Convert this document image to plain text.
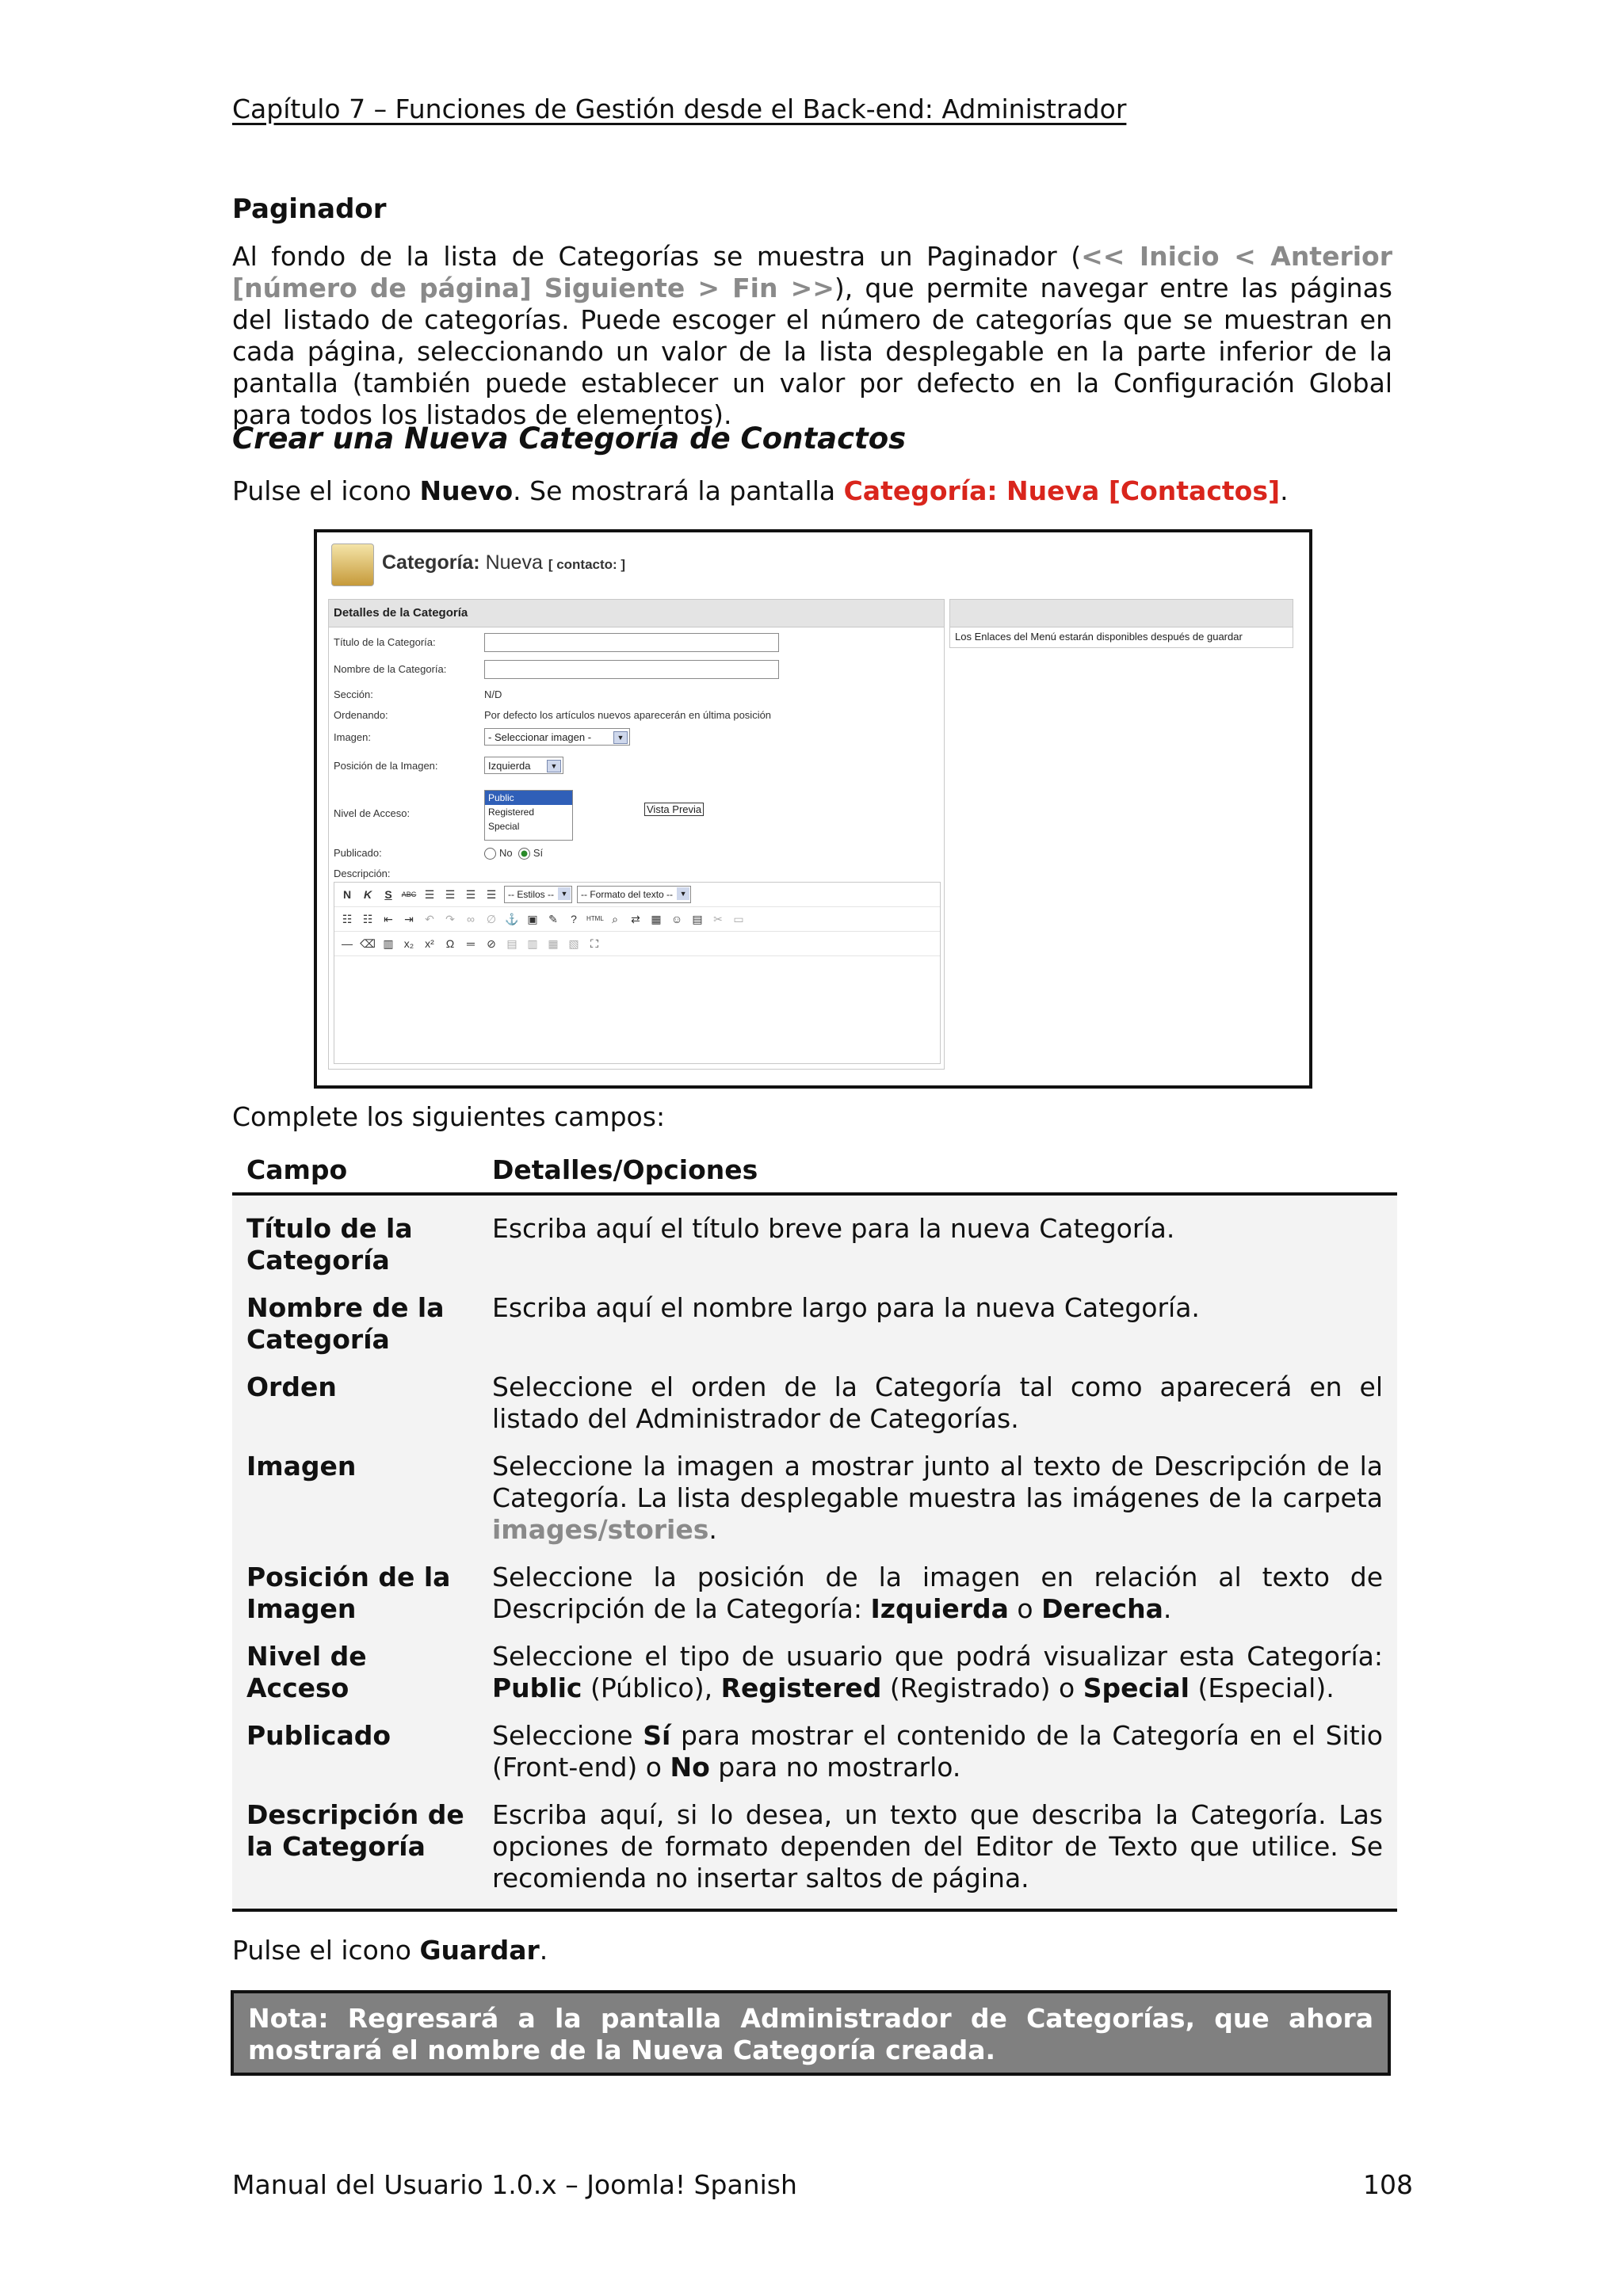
Capítulo 7 – Funciones de Gestión desde el Back-end: Administrador
Paginador
Al fondo de la lista de Categorías se muestra un Paginador (<< Inicio < Anterior [número de página] Siguiente > Fin >>), que permite navegar entre las páginas del listado de categorías. Puede escoger el número de categorías que se muestran en cada página, seleccionando un valor de la lista desplegable en la parte inferior de la pantalla (también puede establecer un valor por defecto en la Configuración Global para todos los listados de elementos).
Crear una Nueva Categoría de Contactos
Pulse el icono Nuevo. Se mostrará la pantalla Categoría: Nueva [Contactos].
Categoría: Nueva [ contacto: ]
Detalles de la Categoría
Título de la Categoría:
Nombre de la Categoría:
Sección:	N/D
Ordenando:	Por defecto los artículos nuevos aparecerán en última posición
Imagen:	- Seleccionar imagen -	▼
Posición de la Imagen:	Izquierda	▼
Nivel de Acceso:
Public
Registered
Special
Vista Previa
Publicado:	No Sí
Descripción:
N	K	S	ABC ☰ ☰ ☰ ☰	-- Estilos -- ▼	-- Formato del texto -- ▼
☷ ☷ ⇤ ⇥ ↶ ↷	∞	∅ ⚓ ▣ ✎	?	HTML ⌕	⇄ ▦ ☺ ▤ ✂ ▭
— ⌫ ▥ x₂ x²	Ω	═	⊘ ▤ ▥ ▦ ▧	⛶
Los Enlaces del Menú estarán disponibles después de guardar
Complete los siguientes campos:
Campo	Detalles/Opciones
Título de la Categoría
Escriba aquí el título breve para la nueva Categoría.
Nombre de la Categoría
Escriba aquí el nombre largo para la nueva Categoría.
Orden	Seleccione el orden de la Categoría tal como aparecerá en el listado del Administrador de Categorías.
Imagen	Seleccione la imagen a mostrar junto al texto de Descripción de la Categoría. La lista desplegable muestra las imágenes de la carpeta images/stories.
Posición de la Imagen
Seleccione la posición de la imagen en relación al texto de Descripción de la Categoría: Izquierda o Derecha.
Nivel de Acceso
Seleccione el tipo de usuario que podrá visualizar esta Categoría: Public (Público), Registered (Registrado) o Special (Especial).
Publicado	Seleccione Sí para mostrar el contenido de la Categoría en el Sitio (Front-end) o No para no mostrarlo.
Descripción de la Categoría
Escriba aquí, si lo desea, un texto que describa la Categoría. Las opciones de formato dependen del Editor de Texto que utilice. Se recomienda no insertar saltos de página.
Pulse el icono Guardar.
Nota: Regresará a la pantalla Administrador de Categorías, que ahora mostrará el nombre de la Nueva Categoría creada.
Manual del Usuario 1.0.x – Joomla! Spanish	108
